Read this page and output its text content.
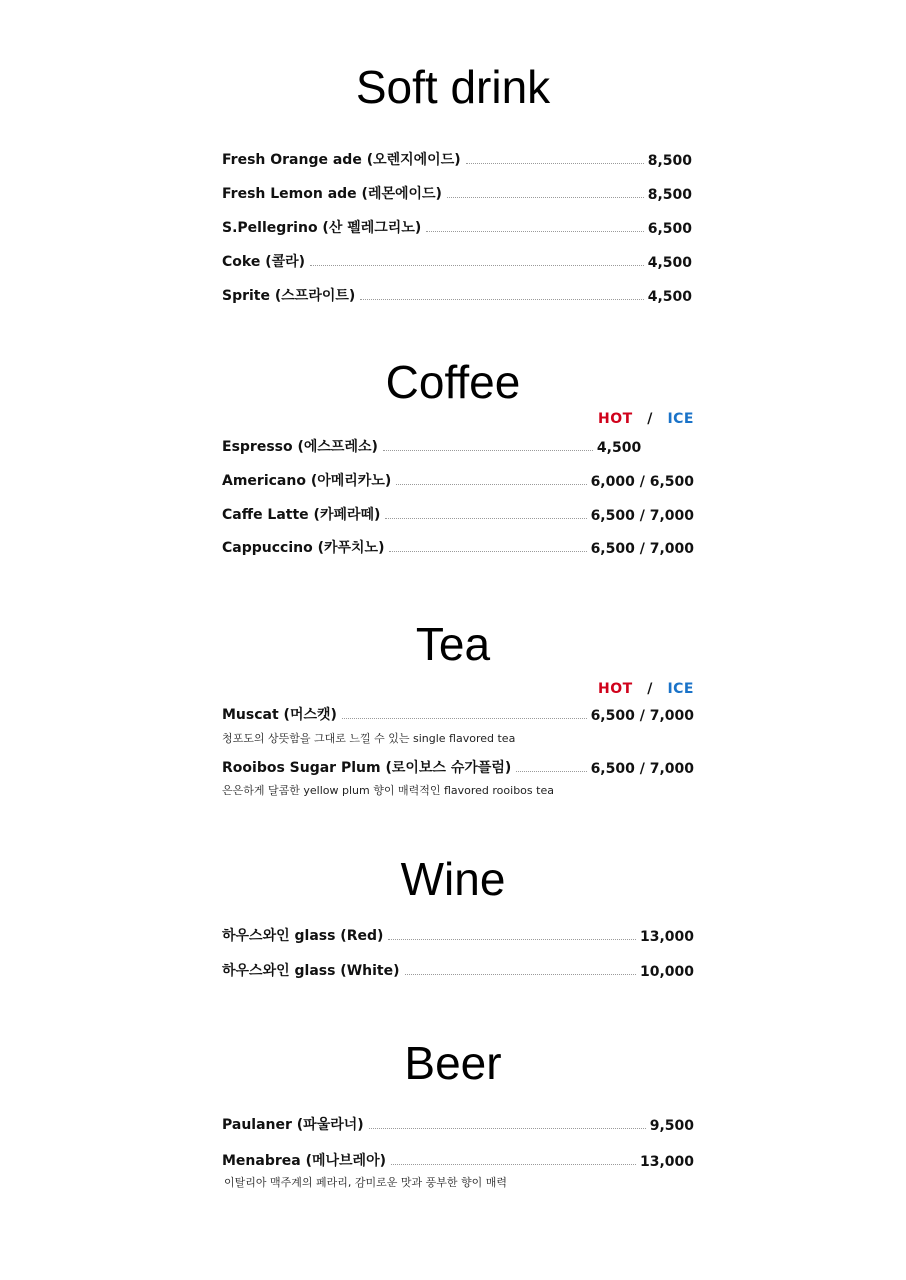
Soft drink
Fresh Orange ade (오렌지에이드)	8,500
Fresh Lemon ade (레몬에이드)	8,500
S.Pellegrino (산 펠레그리노)	6,500
Coke (콜라)	4,500
Sprite (스프라이트)	4,500
Coffee
HOT / ICE
Espresso (에스프레소)	4,500
Americano (아메리카노)	6,000 / 6,500
Caffe Latte (카페라떼)	6,500 / 7,000
Cappuccino (카푸치노)	6,500 / 7,000
Tea
HOT / ICE
Muscat (머스캣)	6,500 / 7,000
청포도의 상뜻함을 그대로 느낄 수 있는 single flavored tea
Rooibos Sugar Plum (로이보스 슈가플럼)	6,500 / 7,000
은은하게 달콤한 yellow plum 향이 매력적인 flavored rooibos tea
Wine
하우스와인 glass (Red)	13,000
하우스와인 glass (White)	10,000
Beer
Paulaner (파울라너)	9,500
Menabrea (메나브레아)	13,000
이탈리아 맥주계의 페라리, 감미로운 맛과 풍부한 향이 매력
